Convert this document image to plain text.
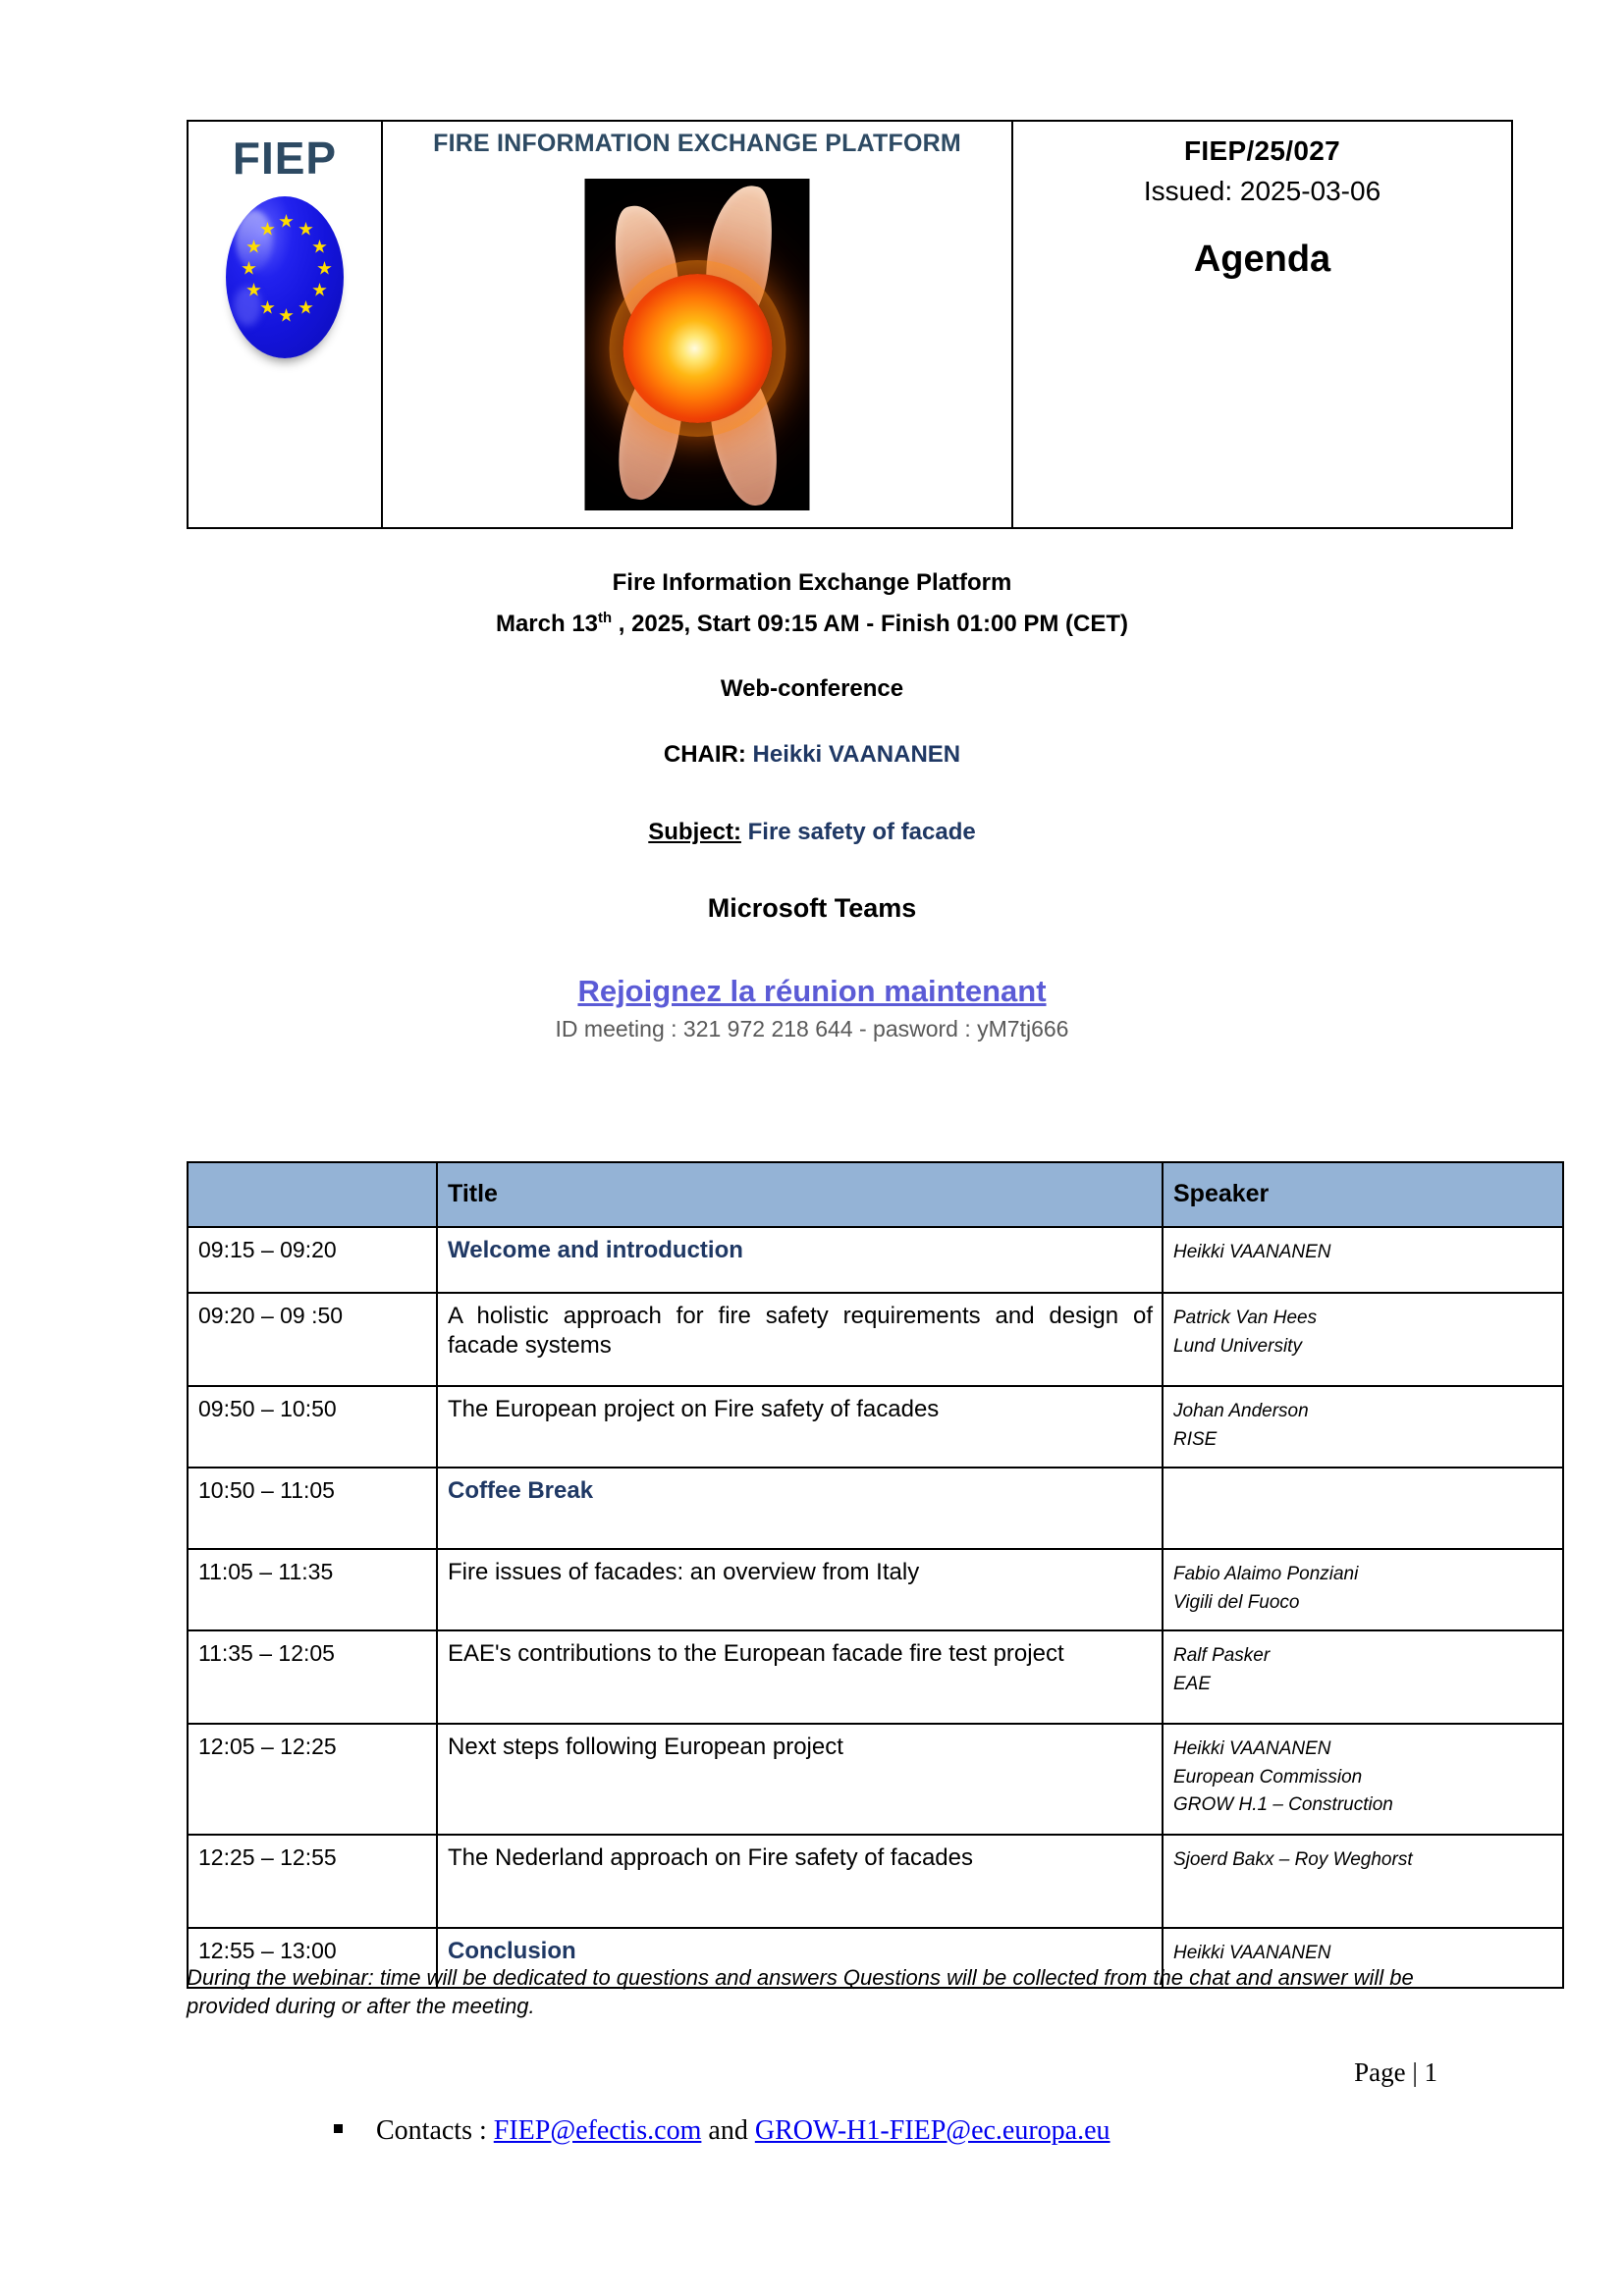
FIEP	FIRE INFORMATION EXCHANGE PLATFORM	FIEP/25/027
Issued: 2025-03-06
Agenda
Fire Information Exchange Platform
March 13th , 2025, Start 09:15 AM - Finish 01:00 PM (CET)
Web-conference
CHAIR: Heikki VAANANEN
Subject: Fire safety of facade
Microsoft Teams
Rejoignez la réunion maintenant
ID meeting : 321 972 218 644 - pasword : yM7tj666
	Title	Speaker
09:15 – 09:20	Welcome and introduction	Heikki VAANANEN
09:20 – 09 :50	A holistic approach for fire safety requirements and design of facade systems	Patrick Van Hees
Lund University
09:50 – 10:50	The European project on Fire safety of facades	Johan Anderson
RISE
10:50 – 11:05	Coffee Break	
11:05 – 11:35	Fire issues of facades: an overview from Italy	Fabio Alaimo Ponziani
Vigili del Fuoco
11:35 – 12:05	EAE's contributions to the European facade fire test project	Ralf Pasker
EAE
12:05 – 12:25	Next steps following European project	Heikki VAANANEN
European Commission
GROW H.1 – Construction
12:25 – 12:55	The Nederland approach on Fire safety of facades	Sjoerd Bakx – Roy Weghorst
12:55 – 13:00	Conclusion	Heikki VAANANEN
During the webinar: time will be dedicated to questions and answers Questions will be collected from the chat and answer will be provided during or after the meeting.
Page | 1
Contacts : FIEP@efectis.com and GROW-H1-FIEP@ec.europa.eu
